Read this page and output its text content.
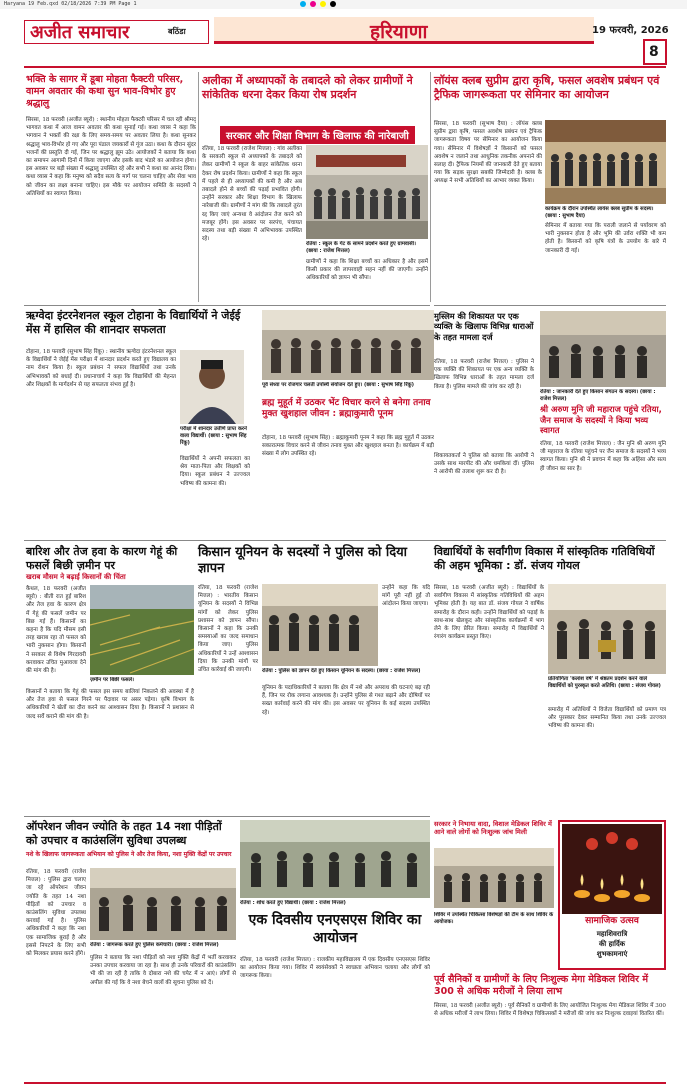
Haryana 19 Feb.qxd 02/18/2026 7:39 PM Page 1
अजीत समाचार	बठिंडा	हरियाणा	19 फरवरी, 2026
8
भक्ति के सागर में डूबा मोहता फैक्टरी परिसर, वामन अवतार की कथा सुन भाव-विभोर हुए श्रद्धालु
सिरसा, 18 फरवरी (अजीत ब्यूरो) : स्थानीय मोहता फैक्टरी परिसर में चल रही श्रीमद् भागवत कथा में आज वामन अवतार की कथा सुनाई गई। कथा व्यास ने कहा कि भगवान ने भक्तों की रक्षा के लिए समय-समय पर अवतार लिया है। कथा सुनकर श्रद्धालु भाव-विभोर हो गए और पूरा पंडाल जयकारों से गूंज उठा। कथा के दौरान सुंदर भजनों की प्रस्तुति दी गई, जिन पर श्रद्धालु झूम उठे। आयोजकों ने बताया कि कथा का समापन आगामी दिनों में किया जाएगा और इसके बाद भंडारे का आयोजन होगा। इस अवसर पर बड़ी संख्या में श्रद्धालु उपस्थित रहे और सभी ने कथा का आनंद लिया। कथा व्यास ने कहा कि मनुष्य को सदैव सत्य के मार्ग पर चलना चाहिए और सेवा भाव को जीवन का लक्ष्य बनाना चाहिए। इस मौके पर आयोजन समिति के सदस्यों ने अतिथियों का स्वागत किया।
अलीका में अध्यापकों के तबादले को लेकर ग्रामीणों ने सांकेतिक धरना देकर किया रोष प्रदर्शन
सरकार और शिक्षा विभाग के खिलाफ की नारेबाजी
रतिया, 18 फरवरी (राजेश मित्तल) : गांव अलीका के सरकारी स्कूल से अध्यापकों के तबादले को लेकर ग्रामीणों ने स्कूल के बाहर सांकेतिक धरना देकर रोष प्रदर्शन किया। ग्रामीणों ने कहा कि स्कूल में पहले से ही अध्यापकों की कमी है और अब तबादले होने से बच्चों की पढ़ाई प्रभावित होगी। उन्होंने सरकार और शिक्षा विभाग के खिलाफ नारेबाजी की। ग्रामीणों ने मांग की कि तबादले तुरंत रद्द किए जाएं अन्यथा वे आंदोलन तेज करने को मजबूर होंगे। इस अवसर पर सरपंच, पंचायत सदस्य तथा बड़ी संख्या में अभिभावक उपस्थित रहे।
रतिया : स्कूल के गेट के सामने प्रदर्शन करते हुए ग्रामवासी। (छाया : राजेश मित्तल)
ग्रामीणों ने कहा कि शिक्षा बच्चों का अधिकार है और इसमें किसी प्रकार की लापरवाही सहन नहीं की जाएगी। उन्होंने अधिकारियों को ज्ञापन भी सौंपा।
लॉयंस क्लब सुप्रीम द्वारा कृषि, फसल अवशेष प्रबंधन एवं ट्रैफिक जागरूकता पर सेमिनार का आयोजन
सिरसा, 18 फरवरी (सुभाष दैया) : लॉयंस क्लब सुप्रीम द्वारा कृषि, फसल अवशेष प्रबंधन एवं ट्रैफिक जागरूकता विषय पर सेमिनार का आयोजन किया गया। सेमिनार में विशेषज्ञों ने किसानों को फसल अवशेष न जलाने तथा आधुनिक तकनीक अपनाने की सलाह दी। ट्रैफिक नियमों की जानकारी देते हुए बताया गया कि सड़क सुरक्षा सबकी जिम्मेदारी है। क्लब के अध्यक्ष ने सभी अतिथियों का आभार व्यक्त किया।
कार्यक्रम के दौरान उपस्थित लायंस क्लब सुप्रीम के सदस्य। (छाया : सुभाष दैया)
सेमिनार में बताया गया कि पराली जलाने से पर्यावरण को भारी नुकसान होता है और भूमि की उर्वरा शक्ति भी कम होती है। किसानों को कृषि यंत्रों के उपयोग के बारे में जानकारी दी गई।
ऋग्वेदा इंटरनेशनल स्कूल टोहाना के विद्यार्थियों ने जेईई मेंस में हासिल की शानदार सफलता
टोहाना, 18 फरवरी (सुभाष सिंह रिंकू) : स्थानीय ऋग्वेदा इंटरनेशनल स्कूल के विद्यार्थियों ने जेईई मेंस परीक्षा में शानदार प्रदर्शन करते हुए विद्यालय का नाम रोशन किया है। स्कूल प्रबंधन ने सफल विद्यार्थियों तथा उनके अभिभावकों को बधाई दी। प्रधानाचार्य ने कहा कि विद्यार्थियों की मेहनत और शिक्षकों के मार्गदर्शन से यह सफलता संभव हुई है।
परीक्षा में शानदार उत्तीर्ण प्राप्त करने वाला विद्यार्थी। (छाया : सुभाष सिंह रिंकू)
विद्यार्थियों ने अपनी सफलता का श्रेय माता-पिता और शिक्षकों को दिया। स्कूल प्रबंधन ने उज्ज्वल भविष्य की कामना की।
पूर्व संध्या पर रोजगार चलती उपस्थि संयोजन देते हुए। (छाया : सुभाष सिंह रिंकू)
ब्रह्म मुहूर्त में उठकर भेंट विचार करने से बनेगा तनाव मुक्त खुशहाल जीवन : ब्रह्माकुमारी पूनम
टोहाना, 18 फरवरी (सुभाष सिंह) : ब्रह्माकुमारी पूनम ने कहा कि ब्रह्म मुहूर्त में उठकर सकारात्मक विचार करने से जीवन तनाव मुक्त और खुशहाल बनता है। कार्यक्रम में बड़ी संख्या में लोग उपस्थित रहे।
मुस्लिम की शिकायत पर एक व्यक्ति के खिलाफ विभिन्न धाराओं के तहत मामला दर्ज
रतिया : जानकारी देते हुए किसान संगठन के सदस्य। (छाया : राजेश मित्तल)
रतिया, 18 फरवरी (राजेश मित्तल) : पुलिस ने एक व्यक्ति की शिकायत पर एक अन्य व्यक्ति के खिलाफ विभिन्न धाराओं के तहत मामला दर्ज किया है। पुलिस मामले की जांच कर रही है।
श्री अरुण मुनि जी महाराज पहुंचे रतिया, जैन समाज के सदस्यों ने किया भव्य स्वागत
रतिया, 18 फरवरी (राजेश मित्तल) : जैन मुनि श्री अरुण मुनि जी महाराज के रतिया पहुंचने पर जैन समाज के सदस्यों ने भव्य स्वागत किया। मुनि श्री ने प्रवचन में कहा कि अहिंसा और सत्य ही जीवन का सार है।
शिकायतकर्ता ने पुलिस को बताया कि आरोपी ने उसके साथ मारपीट की और धमकियां दीं। पुलिस ने आरोपी की तलाश शुरू कर दी है।
बारिश और तेज हवा के कारण गेहूं की फसलें बिछी ज़मीन पर
खराब मौसम ने बढ़ाई किसानों की चिंता
कैथल, 18 फरवरी (अजीत ब्यूरो) : बीती रात हुई बारिश और तेज हवा के कारण क्षेत्र में गेहूं की फसलें जमीन पर बिछ गई हैं। किसानों का कहना है कि यदि मौसम इसी तरह खराब रहा तो फसल को भारी नुकसान होगा। किसानों ने सरकार से विशेष गिरदावरी करवाकर उचित मुआवजा देने की मांग की है।
ज़मीन पर बिछी फसलें।
किसानों ने बताया कि गेहूं की फसल इस समय बालियां निकलने की अवस्था में है और तेज हवा से फसल गिरने पर पैदावार पर असर पड़ेगा। कृषि विभाग के अधिकारियों ने खेतों का दौरा करने का आश्वासन दिया है। किसानों ने प्रशासन से जल्द सर्वे कराने की मांग की है।
किसान यूनियन के सदस्यों ने पुलिस को दिया ज्ञापन
रतिया, 18 फरवरी (राजेश मित्तल) : भारतीय किसान यूनियन के सदस्यों ने विभिन्न मांगों को लेकर पुलिस प्रशासन को ज्ञापन सौंपा। किसानों ने कहा कि उनकी समस्याओं का जल्द समाधान किया जाए। पुलिस अधिकारियों ने उन्हें आश्वासन दिया कि उनकी मांगों पर उचित कार्रवाई की जाएगी।	रतिया : पुलिस को ज्ञापन देते हुए किसान यूनियन के सदस्य। (छाया : राजेश मित्तल)
उन्होंने कहा कि यदि मांगें पूरी नहीं हुईं तो आंदोलन किया जाएगा।
यूनियन के पदाधिकारियों ने बताया कि क्षेत्र में नशे और अपराध की घटनाएं बढ़ रही हैं, जिन पर रोक लगाना आवश्यक है। उन्होंने पुलिस से गश्त बढ़ाने और दोषियों पर सख्त कार्रवाई करने की मांग की। इस अवसर पर यूनियन के कई सदस्य उपस्थित रहे।
विद्यार्थियों के सर्वांगीण विकास में सांस्कृतिक गतिविधियों की अहम भूमिका : डॉ. संजय गोयल
सिरसा, 18 फरवरी (अजीत ब्यूरो) : विद्यार्थियों के सर्वांगीण विकास में सांस्कृतिक गतिविधियों की अहम भूमिका होती है। यह बात डॉ. संजय गोयल ने वार्षिक समारोह के दौरान कही। उन्होंने विद्यार्थियों को पढ़ाई के साथ-साथ खेलकूद और सांस्कृतिक कार्यक्रमों में भाग लेने के लिए प्रेरित किया। समारोह में विद्यार्थियों ने रंगारंग कार्यक्रम प्रस्तुत किए।
प्रतियोगिता 'कलांश वर्ष' में श्रेष्ठतम प्रदर्शन करने वाले विद्यार्थियों को पुरस्कृत करते अतिथि। (छाया : संजय गोयल)
समारोह में अतिथियों ने विजेता विद्यार्थियों को प्रमाण पत्र और पुरस्कार देकर सम्मानित किया तथा उनके उज्ज्वल भविष्य की कामना की।
ऑपरेशन जीवन ज्योति के तहत 14 नशा पीड़ितों को उपचार व काउंसलिंग सुविधा उपलब्ध
नशे के खिलाफ जागरूकता अभियान को पुलिस ने और तेज किया, नशा मुक्ति केंद्रों पर उपचार
रतिया, 18 फरवरी (राजेश मित्तल) : पुलिस द्वारा चलाए जा रहे ऑपरेशन जीवन ज्योति के तहत 14 नशा पीड़ितों को उपचार व काउंसलिंग सुविधा उपलब्ध करवाई गई है। पुलिस अधिकारियों ने कहा कि नशा एक सामाजिक बुराई है और इससे निपटने के लिए सभी को मिलकर प्रयास करने होंगे।
रतिया : जागरूक करते हुए पुलिस कर्मचारी। (छाया : राजेश मित्तल)
पुलिस ने बताया कि नशा पीड़ितों को नशा मुक्ति केंद्रों में भर्ती करवाकर उनका उपचार करवाया जा रहा है। साथ ही उनके परिवारों की काउंसलिंग भी की जा रही है ताकि वे दोबारा नशे की चपेट में न आएं। लोगों से अपील की गई कि वे नशा बेचने वालों की सूचना पुलिस को दें।
रतिया : शोध करते हुए विद्यार्थी। (छाया : राजेश मित्तल)
एक दिवसीय एनएसएस शिविर का आयोजन
रतिया, 18 फरवरी (राजेश मित्तल) : राजकीय महाविद्यालय में एक दिवसीय एनएसएस शिविर का आयोजन किया गया। शिविर में स्वयंसेवकों ने स्वच्छता अभियान चलाया और लोगों को जागरूक किया।
सरकार ने निभाया वादा, विशाल मेडिकल शिविर में आने वाले लोगों को निःशुल्क जांच मिली
सामाजिक उत्सव
महाशिवरात्रि
की हार्दिक
शुभकामनाएं
शिविर में उपस्थित चिकित्सा विशेषज्ञों की टीम के साथ शिविर के आयोजक।
पूर्व सैनिकों व ग्रामीणों के लिए निःशुल्क मेगा मेडिकल शिविर में 300 से अधिक मरीजों ने लिया लाभ
सिरसा, 18 फरवरी (अजीत ब्यूरो) : पूर्व सैनिकों व ग्रामीणों के लिए आयोजित निःशुल्क मेगा मेडिकल शिविर में 300 से अधिक मरीजों ने लाभ लिया। शिविर में विशेषज्ञ चिकित्सकों ने मरीजों की जांच कर निःशुल्क दवाइयां वितरित कीं।
